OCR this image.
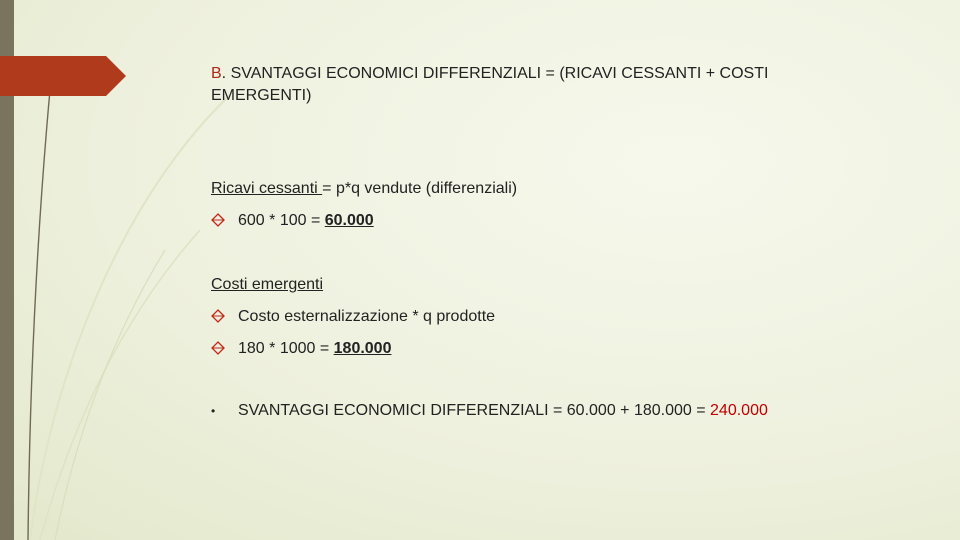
B. SVANTAGGI ECONOMICI DIFFERENZIALI = (RICAVI CESSANTI + COSTI EMERGENTI)
Ricavi cessanti = p*q vendute (differenziali)
600 * 100 = 60.000
Costi emergenti
Costo esternalizzazione * q prodotte
180 * 1000 = 180.000
• SVANTAGGI ECONOMICI DIFFERENZIALI = 60.000 + 180.000 = 240.000
